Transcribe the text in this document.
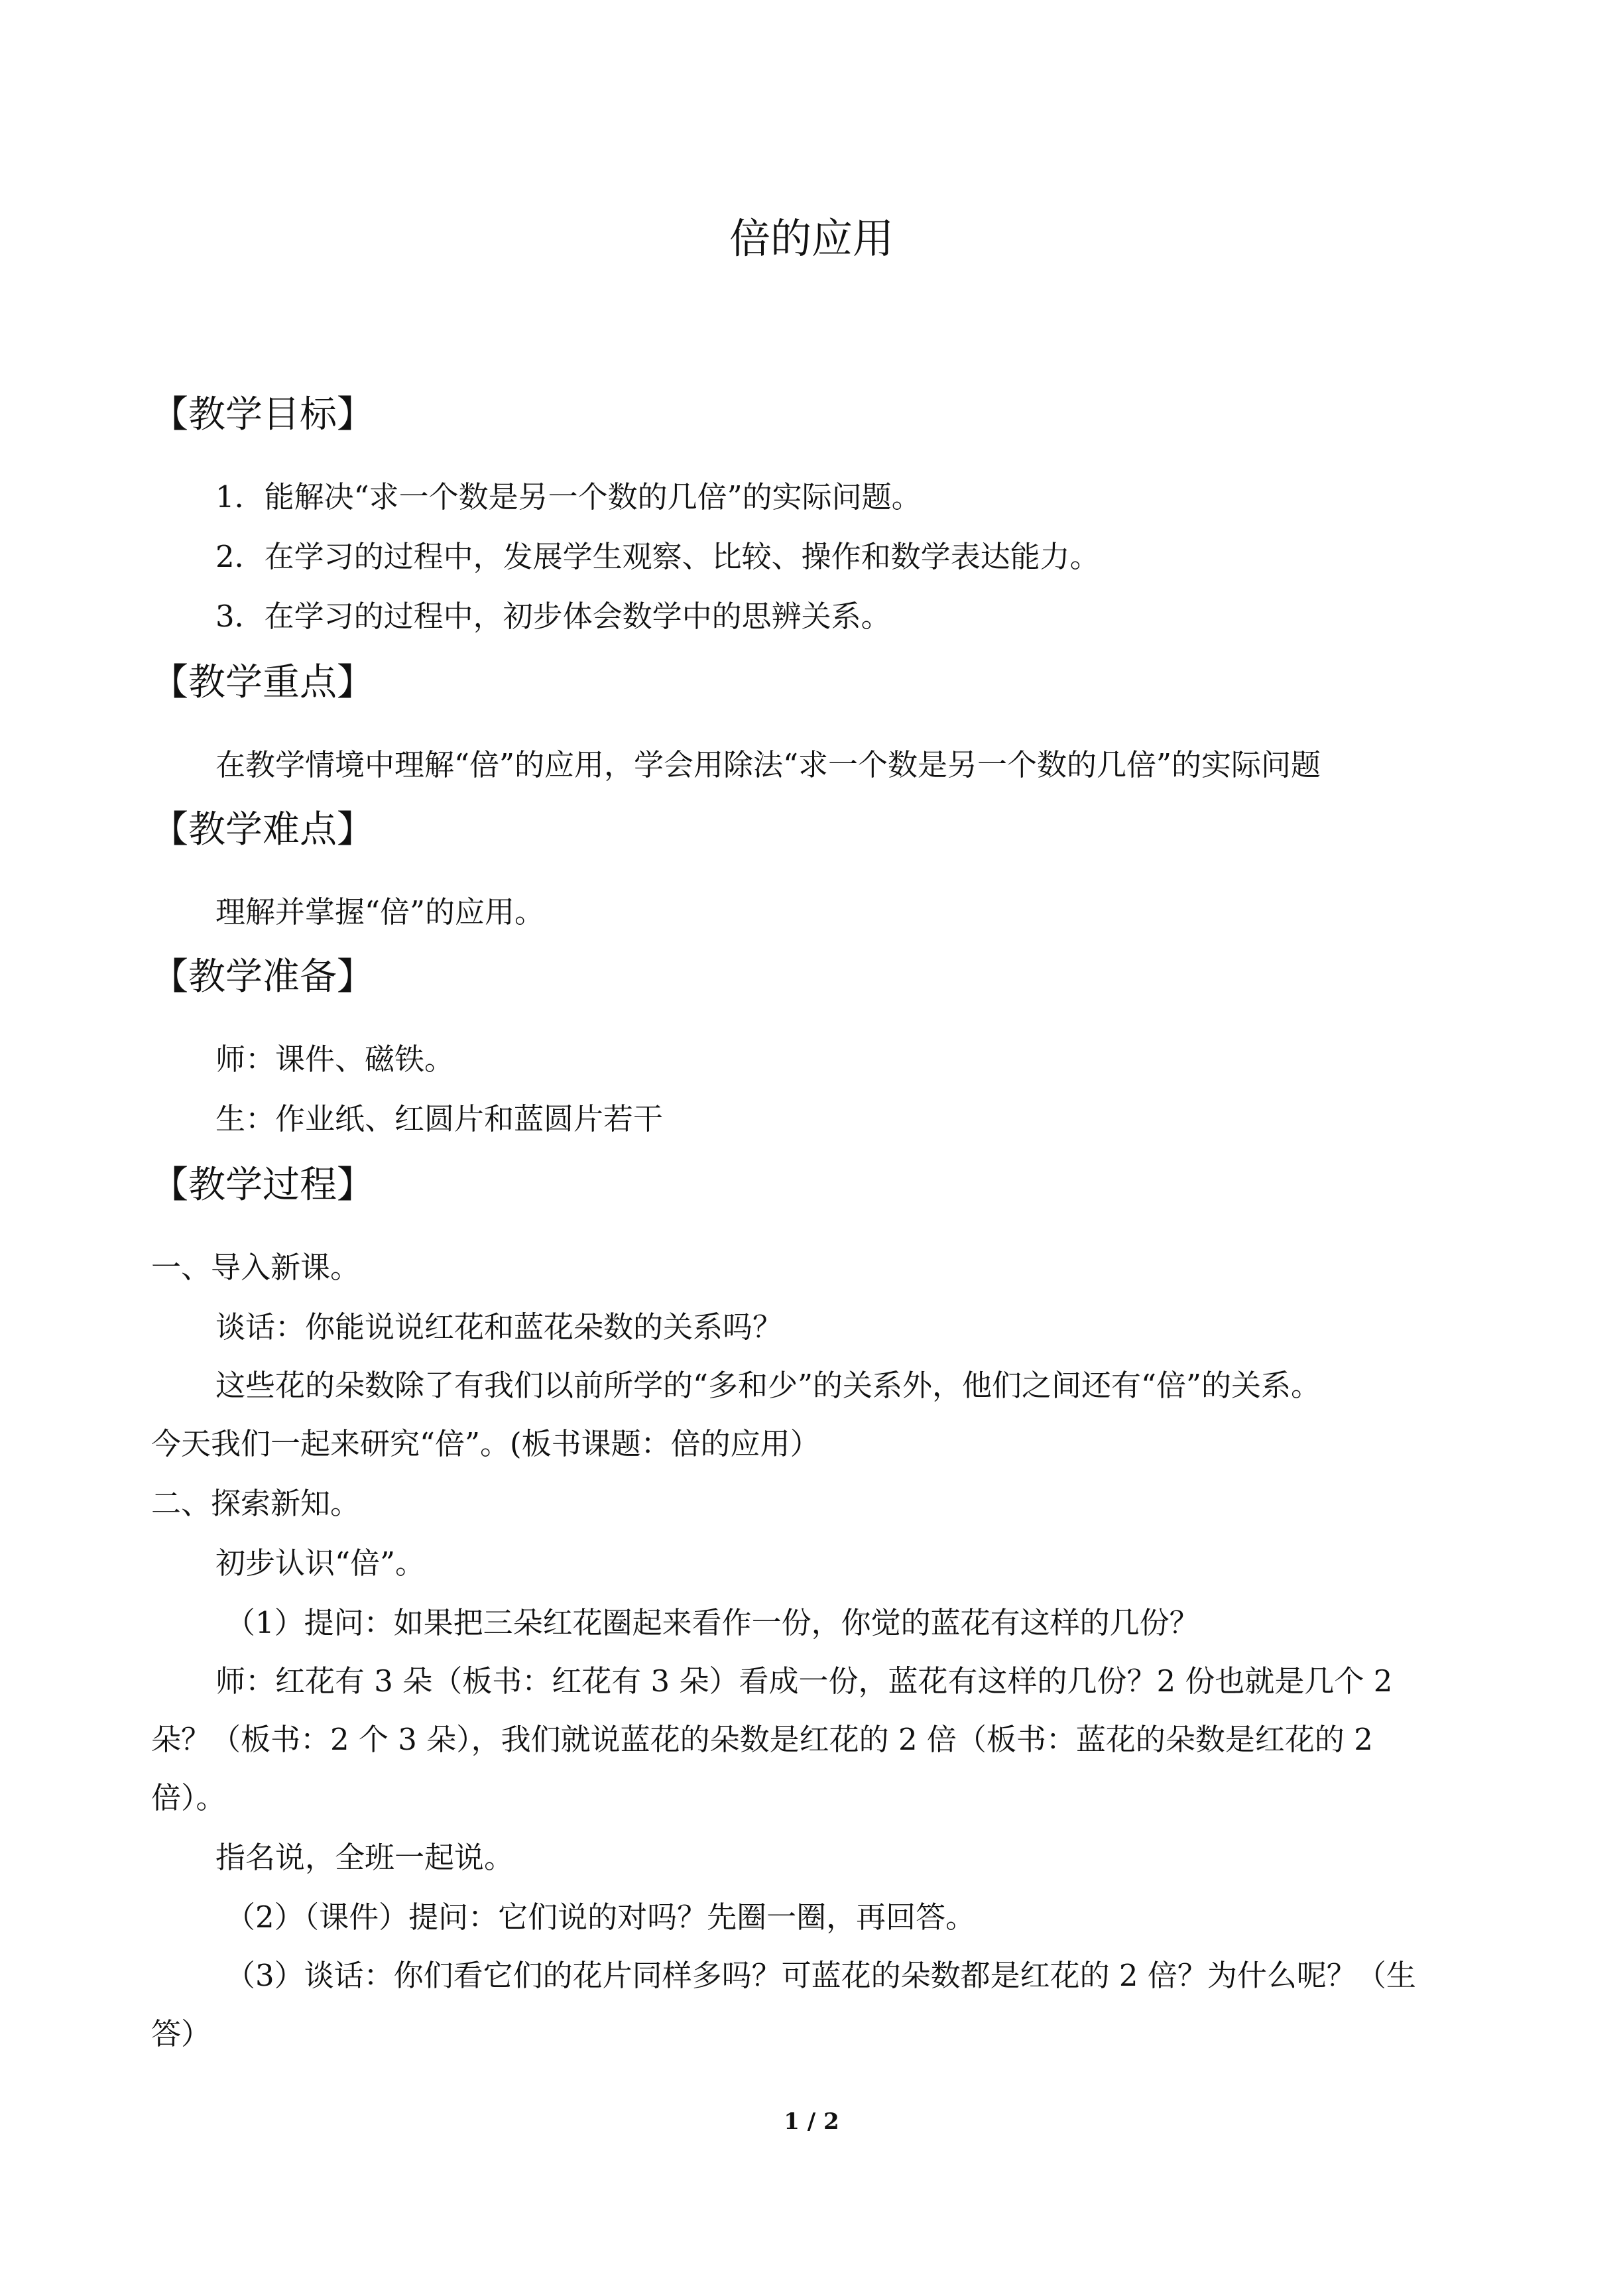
倍的应用
【教学目标】
1．能解决“求一个数是另一个数的几倍”的实际问题。
2．在学习的过程中，发展学生观察、比较、操作和数学表达能力。
3．在学习的过程中，初步体会数学中的思辨关系。
【教学重点】
在教学情境中理解“倍”的应用，学会用除法“求一个数是另一个数的几倍”的实际问题
【教学难点】
理解并掌握“倍”的应用。
【教学准备】
师：课件、磁铁。
生：作业纸、红圆片和蓝圆片若干
【教学过程】
一、导入新课。
谈话：你能说说红花和蓝花朵数的关系吗？
这些花的朵数除了有我们以前所学的“多和少”的关系外，他们之间还有“倍”的关系。
今天我们一起来研究“倍”。(板书课题：倍的应用）
二、探索新知。
初步认识“倍”。
（1）提问：如果把三朵红花圈起来看作一份，你觉的蓝花有这样的几份？
师：红花有 3 朵（板书：红花有 3 朵）看成一份，蓝花有这样的几份？2 份也就是几个 2
朵？（板书：2 个 3 朵），我们就说蓝花的朵数是红花的 2 倍（板书：蓝花的朵数是红花的 2
倍）。
指名说，全班一起说。
（2）（课件）提问：它们说的对吗？先圈一圈，再回答。
（3）谈话：你们看它们的花片同样多吗？可蓝花的朵数都是红花的 2 倍？为什么呢？（生
答）
1 / 2
